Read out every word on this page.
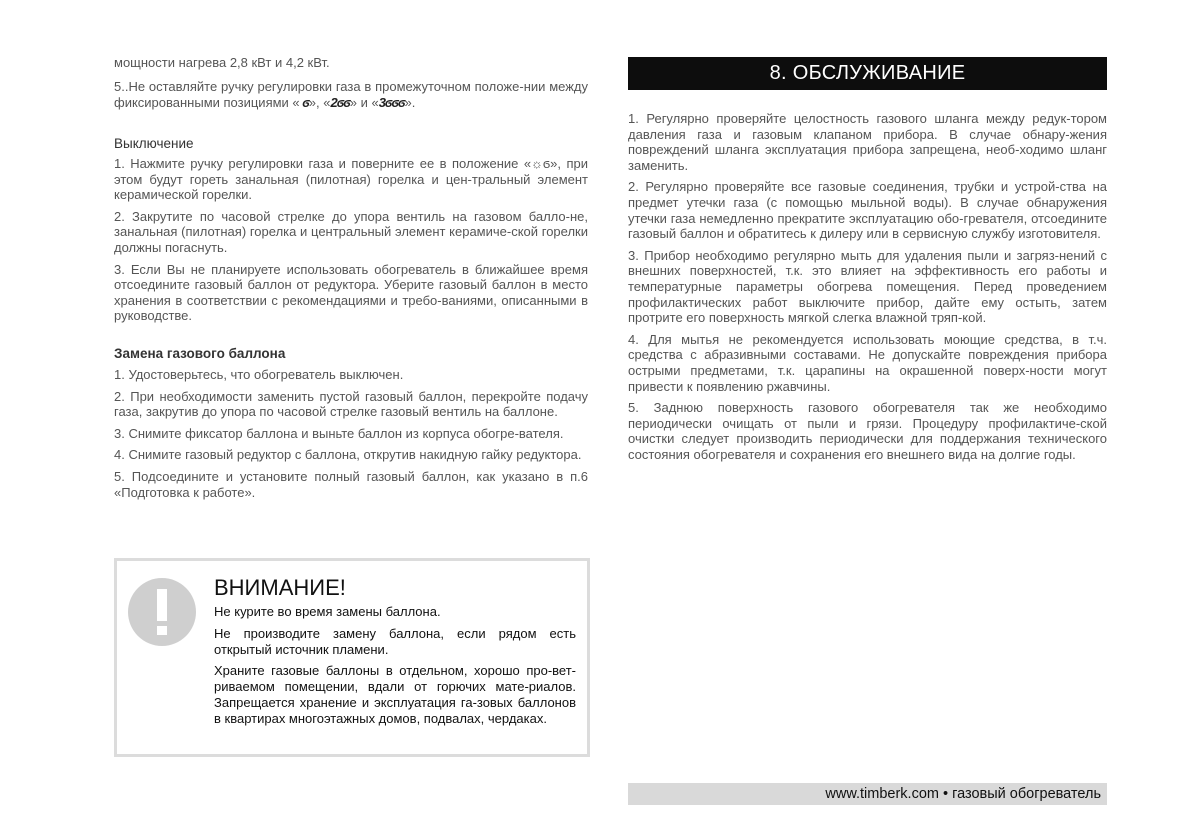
мощности нагрева 2,8 кВт и 4,2 кВт.

5..Не оставляйте ручку регулировки газа в промежуточном положе-нии между фиксированными позициями « ϭ», «2ϭϭ» и «3ϭϭϭ».

Выключение

1. Нажмите ручку регулировки газа и поверните ее в положение «☼ϭ», при этом будут гореть занальная (пилотная) горелка и цен-тральный элемент керамической горелки.

2. Закрутите по часовой стрелке до упора вентиль на газовом балло-не, занальная (пилотная) горелка и центральный элемент керамиче-ской горелки должны погаснуть.

3. Если Вы не планируете использовать обогреватель в ближайшее время отсоедините газовый баллон от редуктора. Уберите газовый баллон в место хранения в соответствии с рекомендациями и требо-ваниями, описанными в руководстве.

Замена газового баллона

1. Удостоверьтесь, что обогреватель выключен.

2. При необходимости заменить пустой газовый баллон, перекройте подачу газа, закрутив до упора по часовой стрелке газовый вентиль на баллоне.

3. Снимите фиксатор баллона и выньте баллон из корпуса обогре-вателя.

4. Снимите газовый редуктор с баллона, открутив накидную гайку редуктора.

5. Подсоедините и установите полный газовый баллон, как указано в п.6 «Подготовка к работе».

ВНИМАНИЕ!

Не курите во время замены баллона.

Не производите замену баллона, если рядом есть открытый источник пламени.

Храните газовые баллоны в отдельном, хорошо про-вет-риваемом помещении, вдали от горючих мате-риалов. Запрещается хранение и эксплуатация га-зовых баллонов в квартирах многоэтажных домов, подвалах, чердаках.

8. ОБСЛУЖИВАНИЕ

1. Регулярно проверяйте целостность газового шланга между редук-тором давления газа и газовым клапаном прибора. В случае обнару-жения повреждений шланга эксплуатация прибора запрещена, необ-ходимо шланг заменить.

2. Регулярно проверяйте все газовые соединения, трубки и устрой-ства на предмет утечки газа (с помощью мыльной воды). В случае обнаружения утечки газа немедленно прекратите эксплуатацию обо-гревателя, отсоедините газовый баллон и обратитесь к дилеру или в сервисную службу изготовителя.

3. Прибор необходимо регулярно мыть для удаления пыли и загряз-нений с внешних поверхностей, т.к. это влияет на эффективность его работы и температурные параметры обогрева помещения. Перед проведением профилактических работ выключите прибор, дайте ему остыть, затем протрите его поверхность мягкой слегка влажной тряп-кой.

4. Для мытья не рекомендуется использовать моющие средства, в т.ч. средства с абразивными составами. Не допускайте повреждения прибора острыми предметами, т.к. царапины на окрашенной поверх-ности могут привести к появлению ржавчины.

5. Заднюю поверхность газового обогревателя так же необходимо периодически очищать от пыли и грязи. Процедуру профилактиче-ской очистки следует производить периодически для поддержания технического состояния обогревателя и сохранения его внешнего вида на долгие годы.

www.timberk.com • газовый обогреватель
